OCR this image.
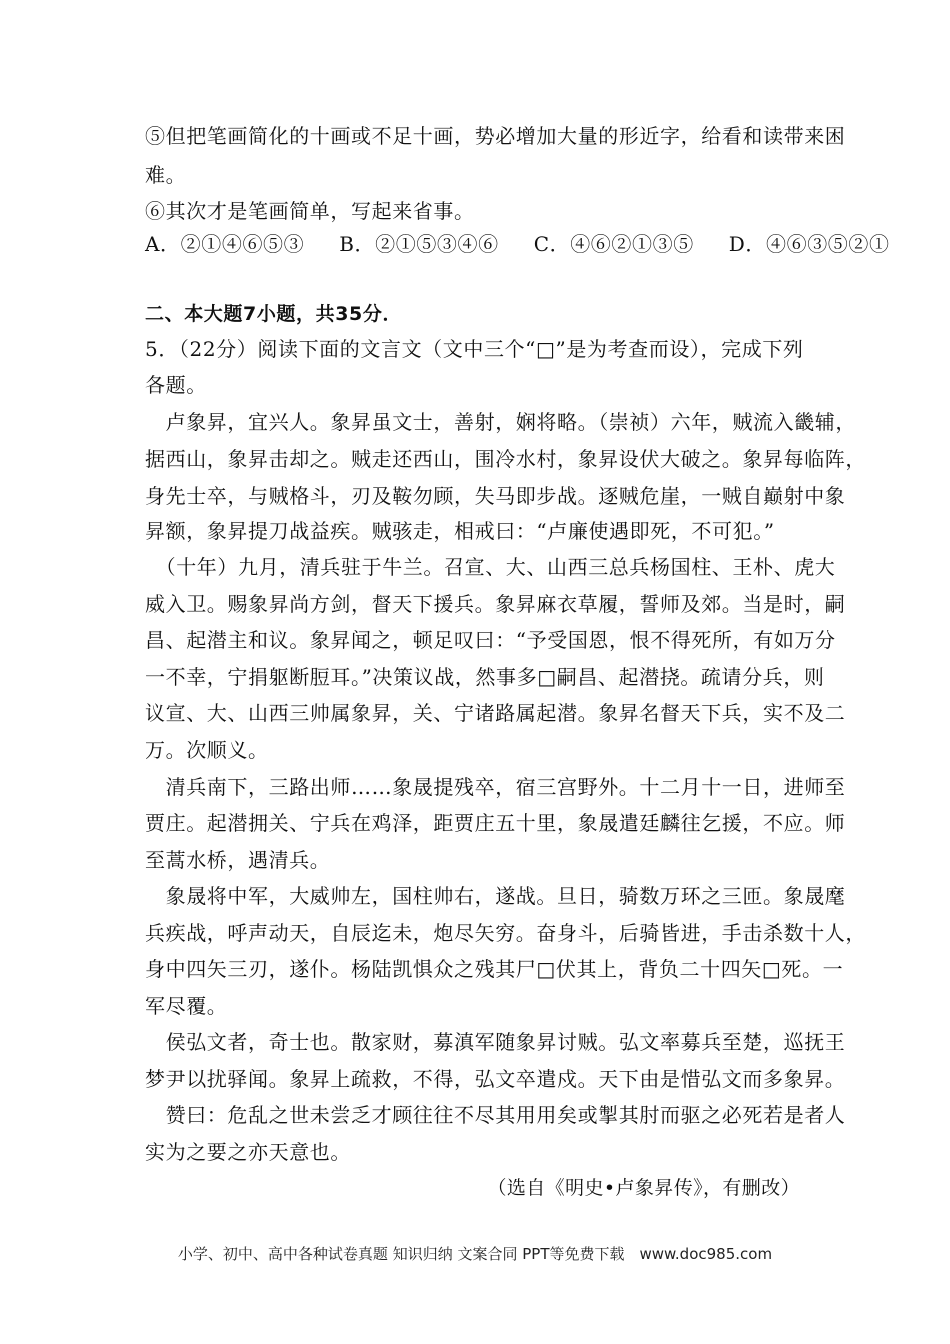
⑤但把笔画简化的十画或不足十画，势必增加大量的形近字，给看和读带来困
难。
⑥其次才是笔画简单，写起来省事。
A．②①④⑥⑤③ B．②①⑤③④⑥ C．④⑥②①③⑤ D．④⑥③⑤②①
二、本大题7小题，共35分．
5．（22分）阅读下面的文言文（文中三个“□”是为考查而设），完成下列
各题。
　卢象昇，宜兴人。象昇虽文士，善射，娴将略。（崇祯）六年，贼流入畿辅，
据西山，象昇击却之。贼走还西山，围冷水村，象昇设伏大破之。象昇每临阵，
身先士卒，与贼格斗，刃及鞍勿顾，失马即步战。逐贼危崖，一贼自巅射中象
昇额，象昇提刀战益疾。贼骇走，相戒曰：“卢廉使遇即死，不可犯。”
　（十年）九月，清兵驻于牛兰。召宣、大、山西三总兵杨国柱、王朴、虎大
威入卫。赐象昇尚方剑，督天下援兵。象昇麻衣草履，誓师及郊。当是时，嗣
昌、起潜主和议。象昇闻之，顿足叹曰：“予受国恩，恨不得死所，有如万分
一不幸，宁捐躯断脰耳。”决策议战，然事多□嗣昌、起潜挠。疏请分兵，则
议宣、大、山西三帅属象昇，关、宁诸路属起潜。象昇名督天下兵，实不及二
万。次顺义。
　清兵南下，三路出师……象晟提残卒，宿三宫野外。十二月十一日，进师至
贾庄。起潜拥关、宁兵在鸡泽，距贾庄五十里，象晟遣廷麟往乞援，不应。师
至蒿水桥，遇清兵。
　象晟将中军，大威帅左，国柱帅右，遂战。旦日，骑数万环之三匝。象晟麾
兵疾战，呼声动天，自辰迄未，炮尽矢穷。奋身斗，后骑皆进，手击杀数十人，
身中四矢三刃，遂仆。杨陆凯惧众之残其尸□伏其上，背负二十四矢□死。一
军尽覆。
　侯弘文者，奇士也。散家财，募滇军随象昇讨贼。弘文率募兵至楚，巡抚王
梦尹以扰驿闻。象昇上疏救，不得，弘文卒遣戍。天下由是惜弘文而多象昇。
　赞曰：危乱之世未尝乏才顾往往不尽其用用矣或掣其肘而驱之必死若是者人
实为之要之亦天意也。
（选自《明史•卢象昇传》，有删改）
小学、初中、高中各种试卷真题 知识归纳 文案合同 PPT等免费下载　www.doc985.com
